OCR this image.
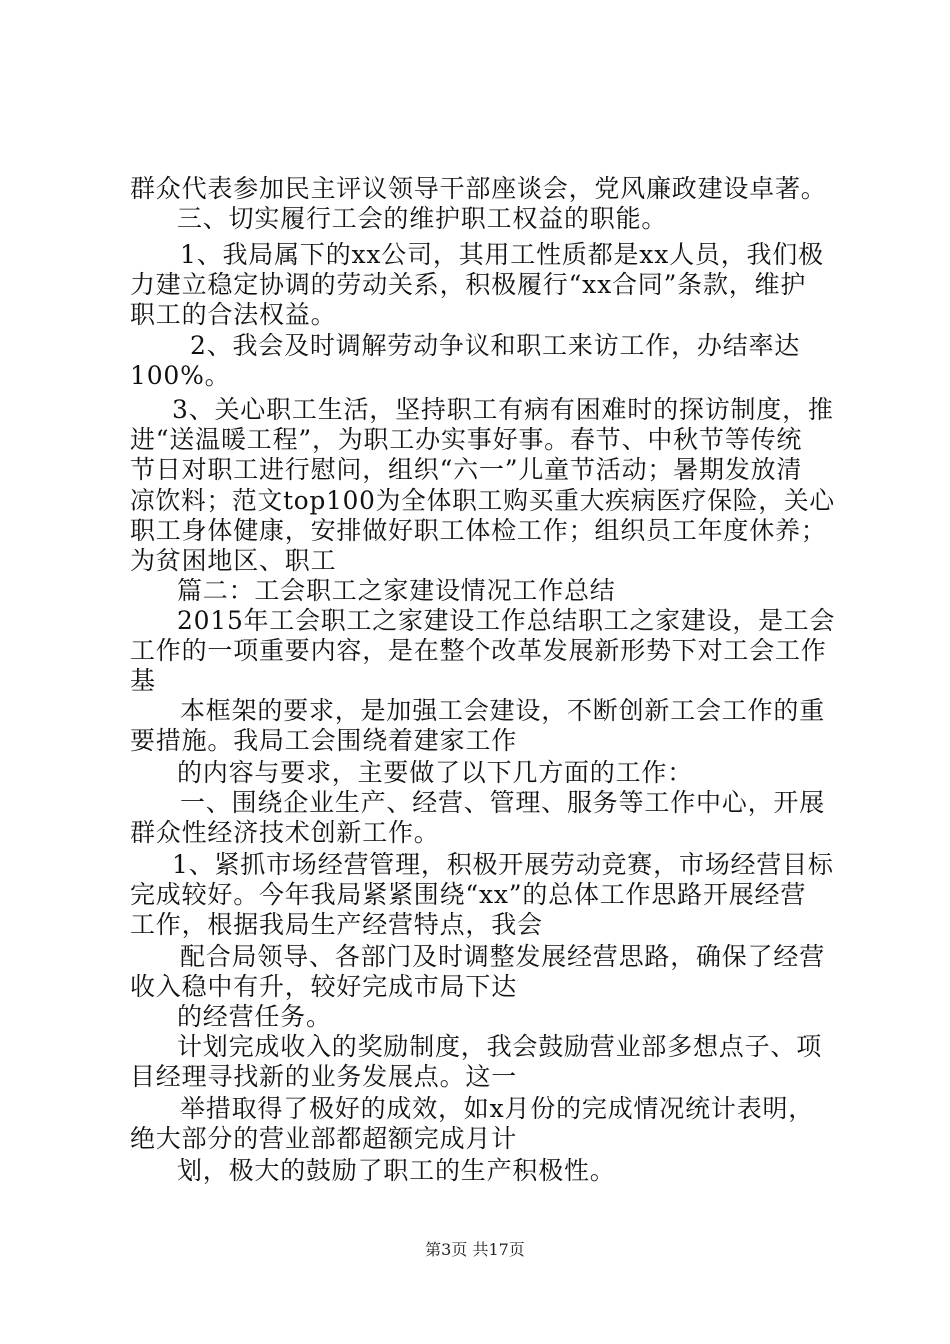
群众代表参加民主评议领导干部座谈会，党风廉政建设卓著。
三、切实履行工会的维护职工权益的职能。
1、我局属下的xx公司，其用工性质都是xx人员，我们极
力建立稳定协调的劳动关系，积极履行“xx合同”条款，维护
职工的合法权益。
2、我会及时调解劳动争议和职工来访工作，办结率达
100%。
3、关心职工生活，坚持职工有病有困难时的探访制度，推
进“送温暖工程”，为职工办实事好事。春节、中秋节等传统
节日对职工进行慰问，组织“六一”儿童节活动；暑期发放清
凉饮料；范文top100为全体职工购买重大疾病医疗保险，关心
职工身体健康，安排做好职工体检工作；组织员工年度休养；
为贫困地区、职工
篇二：工会职工之家建设情况工作总结
2015年工会职工之家建设工作总结职工之家建设，是工会
工作的一项重要内容，是在整个改革发展新形势下对工会工作
基
本框架的要求，是加强工会建设，不断创新工会工作的重
要措施。我局工会围绕着建家工作
的内容与要求，主要做了以下几方面的工作：
一、围绕企业生产、经营、管理、服务等工作中心，开展
群众性经济技术创新工作。
1、紧抓市场经营管理，积极开展劳动竞赛，市场经营目标
完成较好。今年我局紧紧围绕“xx”的总体工作思路开展经营
工作，根据我局生产经营特点，我会
配合局领导、各部门及时调整发展经营思路，确保了经营
收入稳中有升，较好完成市局下达
的经营任务。
计划完成收入的奖励制度，我会鼓励营业部多想点子、项
目经理寻找新的业务发展点。这一
举措取得了极好的成效，如x月份的完成情况统计表明，
绝大部分的营业部都超额完成月计
划，极大的鼓励了职工的生产积极性。
第3页 共17页
